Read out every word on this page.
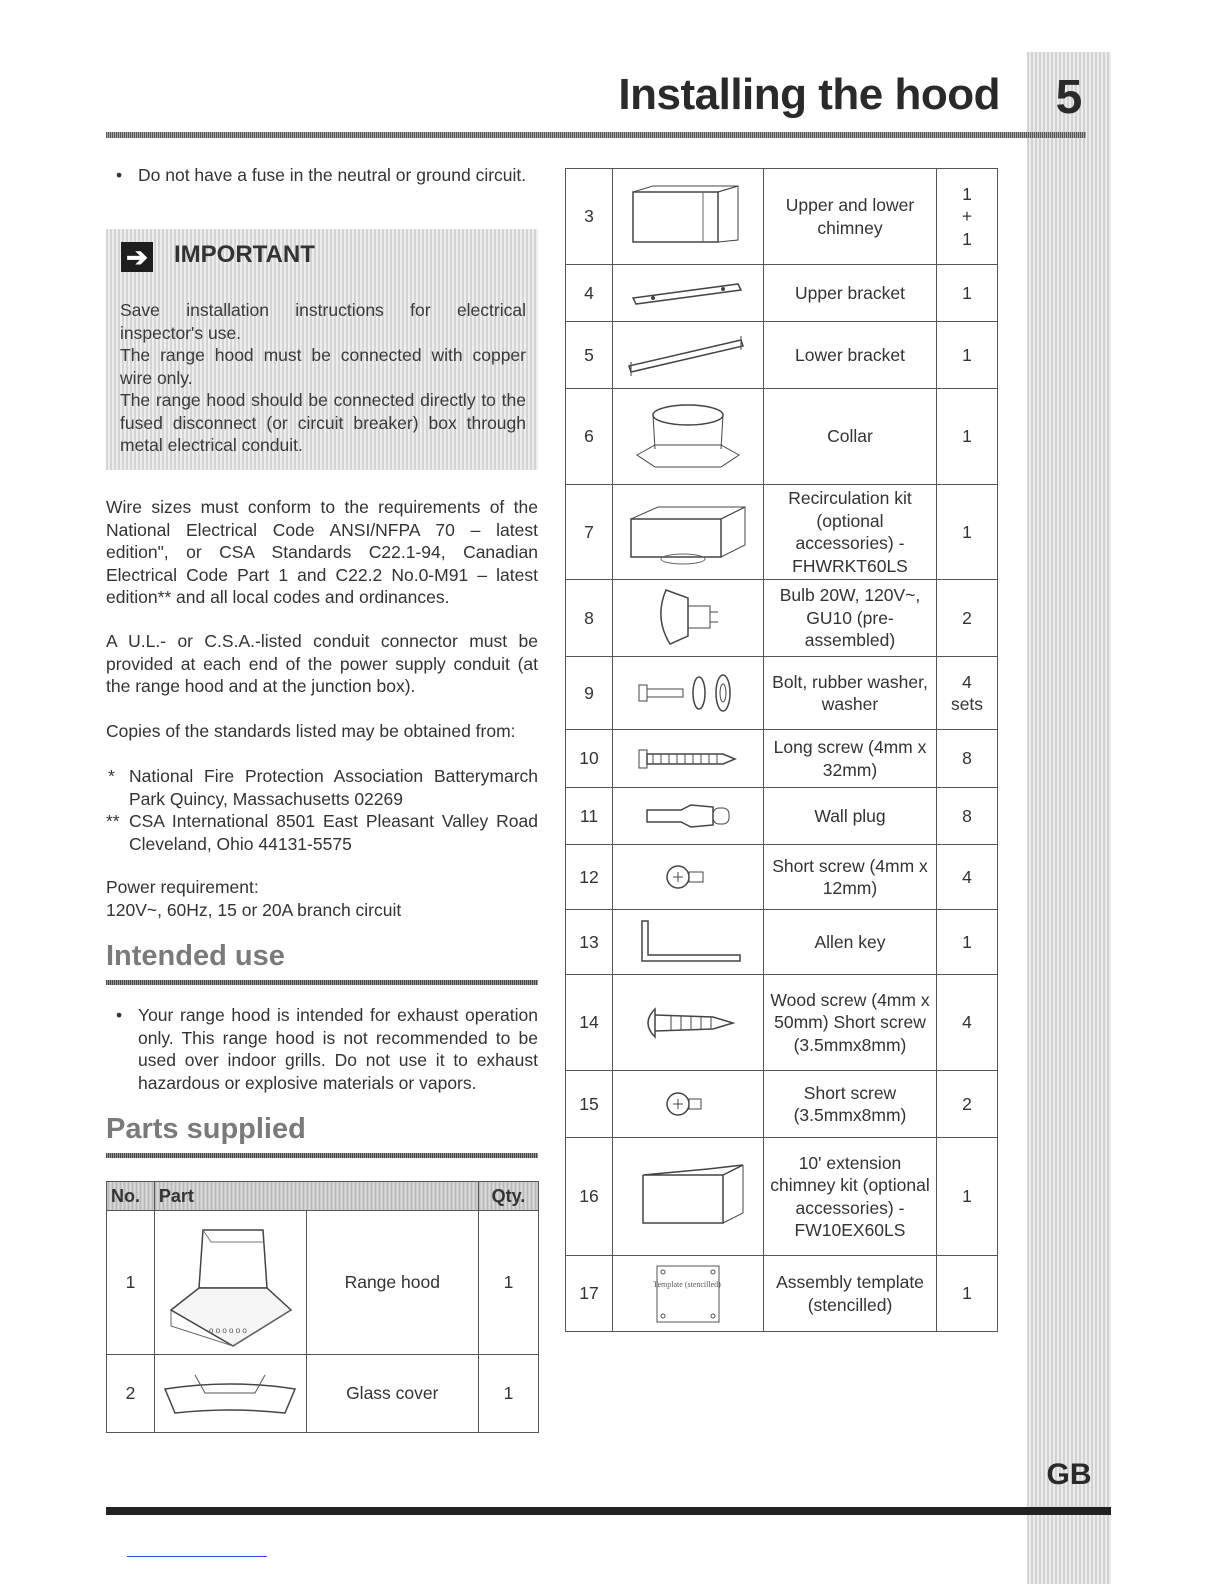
Installing the hood	5
• Do not have a fuse in the neutral or ground circuit.

➔ IMPORTANT
Save installation instructions for electrical inspector's use.
The range hood must be connected with copper wire only.
The range hood should be connected directly to the fused disconnect (or circuit breaker) box through metal electrical conduit.

Wire sizes must conform to the requirements of the National Electrical Code ANSI/NFPA 70 – latest edition", or CSA Standards C22.1-94, Canadian Electrical Code Part 1 and C22.2 No.0-M91 – latest edition** and all local codes and ordinances.

A U.L.- or C.S.A.-listed conduit connector must be provided at each end of the power supply conduit (at the range hood and at the junction box).

Copies of the standards listed may be obtained from:

* National Fire Protection Association Batterymarch Park Quincy, Massachusetts 02269

** CSA International 8501 East Pleasant Valley Road Cleveland, Ohio 44131-5575

Power requirement:

120V~, 60Hz, 15 or 20A branch circuit

Intended use
• Your range hood is intended for exhaust operation only. This range hood is not recommended to be used over indoor grills. Do not use it to exhaust hazardous or explosive materials or vapors.

Parts supplied
No.	Part		Qty.
1	o o o o o o	Range hood	1
2		Glass cover	1
3		Upper and lower chimney	1
+
1
4		Upper bracket	1
5		Lower bracket	1
6		Collar	1
7		Recirculation kit (optional accessories) -FHWRKT60LS	1
8		Bulb 20W, 120V~, GU10 (pre-assembled)	2
9		Bolt, rubber washer, washer	4
sets
10		Long screw (4mm x 32mm)	8
11		Wall plug	8
12		Short screw (4mm x 12mm)	4
13		Allen key	1
14		Wood screw (4mm x 50mm) Short screw (3.5mmx8mm)	4
15		Short screw (3.5mmx8mm)	2
16		10' extension chimney kit (optional accessories) -FW10EX60LS	1
17		Assembly template (stencilled)	1
Template (stencilled)
GB
